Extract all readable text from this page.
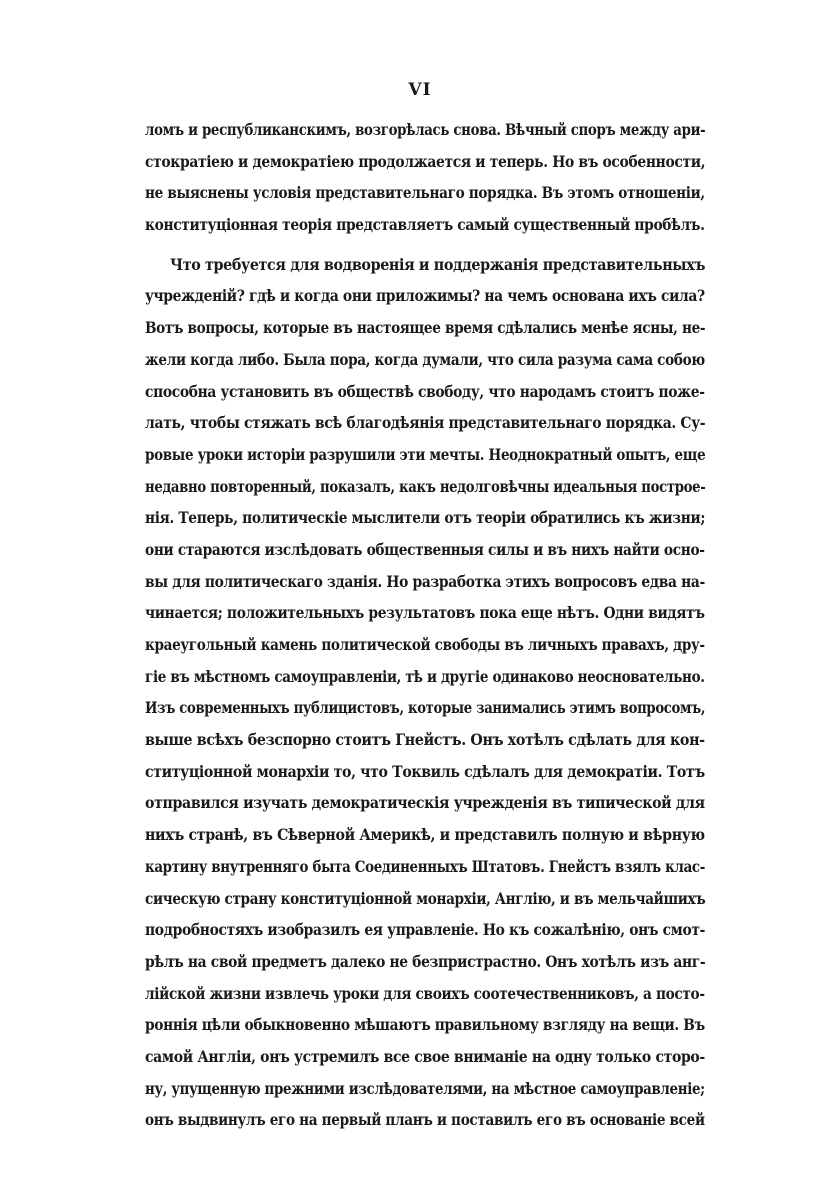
VI
ломъ и республиканскимъ, возгорѣлась снова. Вѣчный споръ между ари-
стократіею и демократіею продолжается и теперь. Но въ особенности,
не выяснены условія представительнаго порядка. Въ этомъ отношеніи,
конституціонная теорія представляетъ самый существенный пробѣлъ.
Что требуется для водворенія и поддержанія представительныхъ
учрежденій? гдѣ и когда они приложимы? на чемъ основана ихъ сила?
Вотъ вопросы, которые въ настоящее время сдѣлались менѣе ясны, не-
жели когда либо. Была пора, когда думали, что сила разума сама собою
способна установить въ обществѣ свободу, что народамъ стоитъ поже-
лать, чтобы стяжать всѣ благодѣянія представительнаго порядка. Су-
ровые уроки исторіи разрушили эти мечты. Неоднократный опытъ, еще
недавно повторенный, показалъ, какъ недолговѣчны идеальныя построе-
нія. Теперь, политическіе мыслители отъ теоріи обратились къ жизни;
они стараются изслѣдовать общественныя силы и въ нихъ найти осно-
вы для политическаго зданія. Но разработка этихъ вопросовъ едва на-
чинается; положительныхъ результатовъ пока еще нѣтъ. Одни видятъ
краеугольный камень политической свободы въ личныхъ правахъ, дру-
гіе въ мѣстномъ самоуправленіи, тѣ и другіе одинаково неосновательно.
Изъ современныхъ публицистовъ, которые занимались этимъ вопросомъ,
выше всѣхъ безспорно стоитъ Гнейстъ. Онъ хотѣлъ сдѣлать для кон-
ституціонной монархіи то, что Токвиль сдѣлалъ для демократіи. Тотъ
отправился изучать демократическія учрежденія въ типической для
нихъ странѣ, въ Сѣверной Америкѣ, и представилъ полную и вѣрную
картину внутренняго быта Соединенныхъ Штатовъ. Гнейстъ взялъ клас-
сическую страну конституціонной монархіи, Англію, и въ мельчайшихъ
подробностяхъ изобразилъ ея управленіе. Но къ сожалѣнію, онъ смот-
рѣлъ на свой предметъ далеко не безпристрастно. Онъ хотѣлъ изъ анг-
лійской жизни извлечь уроки для своихъ соотечественниковъ, а посто-
роннія цѣли обыкновенно мѣшаютъ правильному взгляду на вещи. Въ
самой Англіи, онъ устремилъ все свое вниманіе на одну только сторо-
ну, упущенную прежними изслѣдователями, на мѣстное самоуправленіе;
онъ выдвинулъ его на первый планъ и поставилъ его въ основаніе всей
